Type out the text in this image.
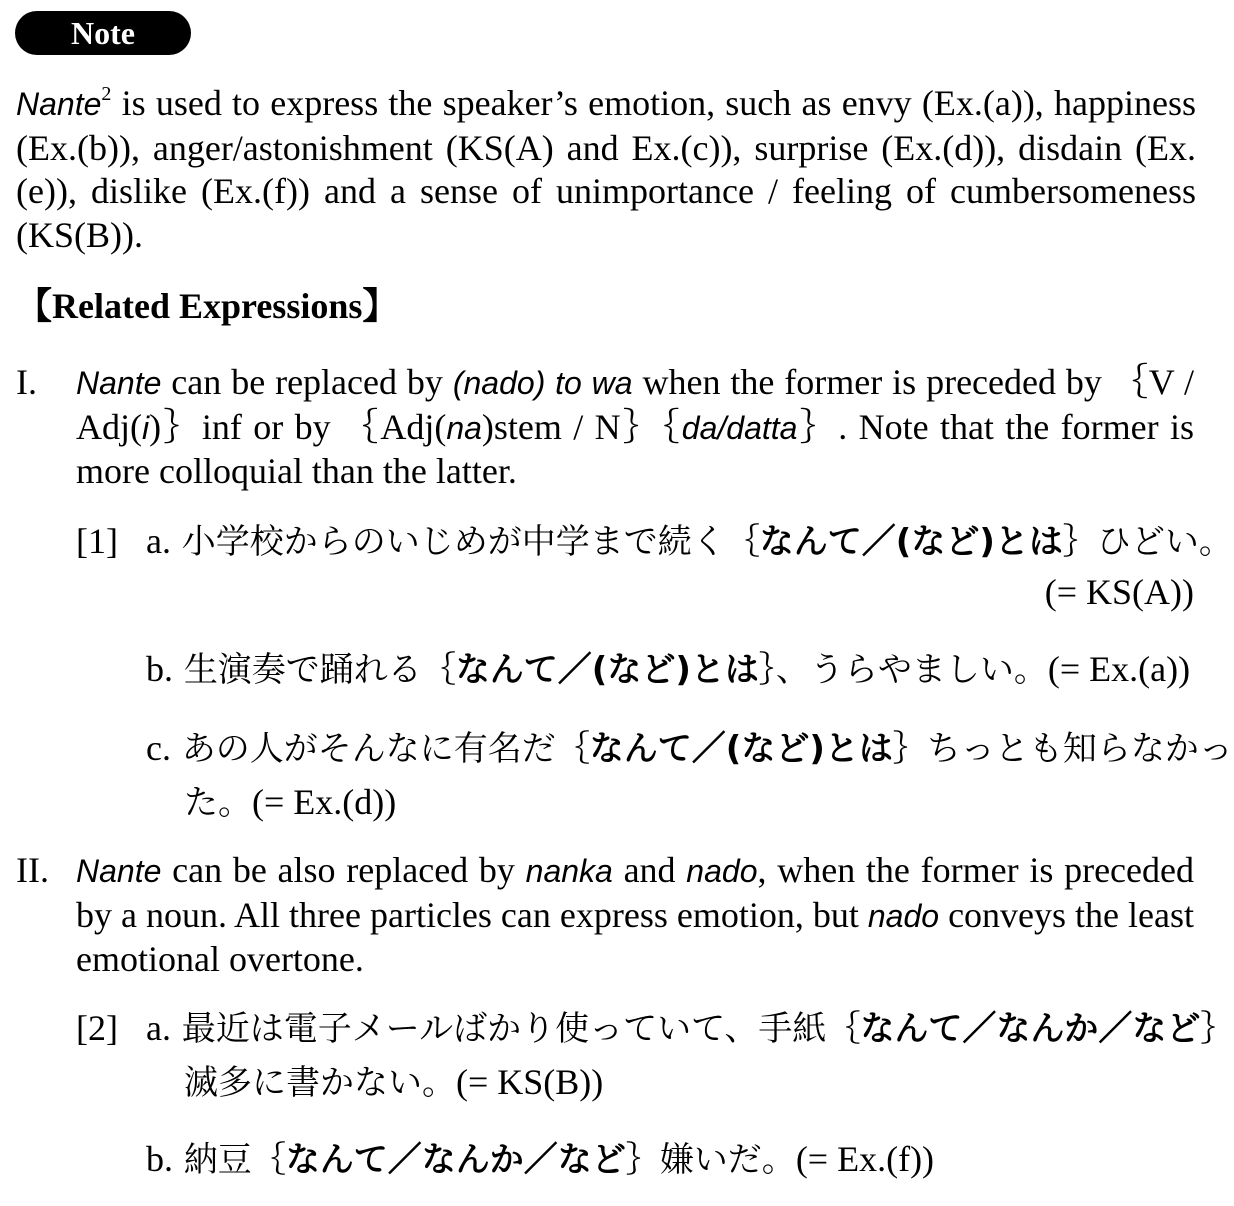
Note
Nante$^2$ is used to express the speaker’s emotion, such as envy (Ex.(a)), happiness (Ex.(b)), anger/astonishment (KS(A) and Ex.(c)), surprise (Ex.(d)), disdain (Ex.(e)), dislike (Ex.(f)) and a sense of unimportance / feeling of cumbersomeness (KS(B)).
【Related Expressions】
I. Nante can be replaced by (nado) to wa when the former is preceded by ｛V / Adj(i)｝inf or by ｛Adj(na)stem / N｝｛da/datta｝. Note that the former is more colloquial than the latter.
[1] a. 小学校からのいじめが中学まで続く｛なんて／(など)とは｝ひどい。
(= KS(A))
b. 生演奏で踊れる｛なんて／(など)とは｝、うらやましい。(= Ex.(a))
c. あの人がそんなに有名だ｛なんて／(など)とは｝ちっとも知らなかっ
た。(= Ex.(d))
II. Nante can be also replaced by nanka and nado, when the former is preceded by a noun. All three particles can express emotion, but nado conveys the least emotional overtone.
[2] a. 最近は電子メールばかり使っていて、手紙｛なんて／なんか／など｝
滅多に書かない。(= KS(B))
b. 納豆｛なんて／なんか／など｝嫌いだ。(= Ex.(f))
